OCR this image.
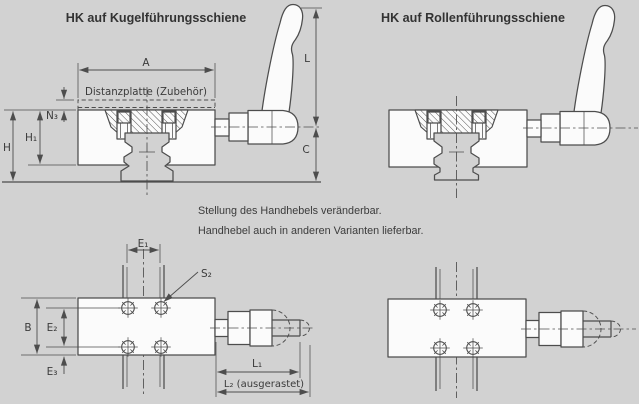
HK auf Kugelführungsschiene
A
Distanzplatte (Zubehör)
N₃
H₁
H
L
C
HK auf Rollenführungsschiene
Stellung des Handhebels veränderbar.
Handhebel auch in anderen Varianten lieferbar.
E₁
S₂
B E₂
E₃
L₁
L₂ (ausgerastet)
